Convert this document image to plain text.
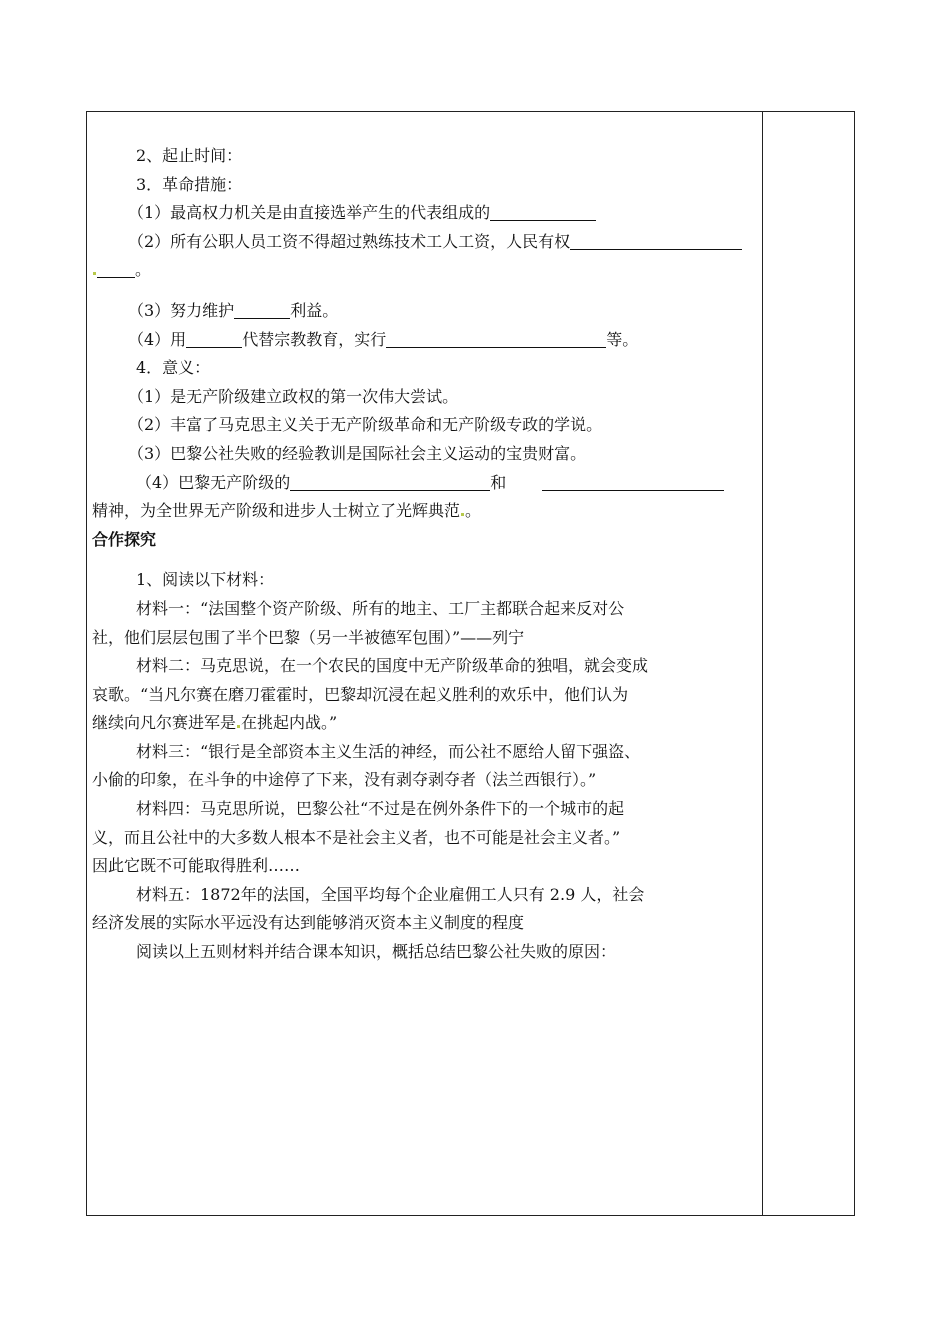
2、起止时间：
3．革命措施：
（1）最高权力机关是由直接选举产生的代表组成的
（2）所有公职人员工资不得超过熟练技术工人工资，人民有权
。
（3）努力维护	利益。
（4）用	代替宗教教育，实行	等。
4．意义：
（1）是无产阶级建立政权的第一次伟大尝试。
（2）丰富了马克思主义关于无产阶级革命和无产阶级专政的学说。
（3）巴黎公社失败的经验教训是国际社会主义运动的宝贵财富。
（4）巴黎无产阶级的	和
精神，为全世界无产阶级和进步人士树立了光辉典范 。
合作探究
1、阅读以下材料：
材料一：“法国整个资产阶级、所有的地主、工厂主都联合起来反对公
社，他们层层包围了半个巴黎（另一半被德军包围）”——列宁
材料二：马克思说，在一个农民的国度中无产阶级革命的独唱，就会变成
哀歌。“当凡尔赛在磨刀霍霍时，巴黎却沉浸在起义胜利的欢乐中，他们认为
继续向凡尔赛进军是 在挑起内战。”
材料三：“银行是全部资本主义生活的神经，而公社不愿给人留下强盗、
小偷的印象，在斗争的中途停了下来，没有剥夺剥夺者（法兰西银行）。”
材料四：马克思所说，巴黎公社“不过是在例外条件下的一个城市的起
义，而且公社中的大多数人根本不是社会主义者，也不可能是社会主义者。”
因此它既不可能取得胜利……
材料五：1872年的法国，全国平均每个企业雇佣工人只有 2.9 人，社会
经济发展的实际水平远没有达到能够消灭资本主义制度的程度
阅读以上五则材料并结合课本知识，概括总结巴黎公社失败的原因：
